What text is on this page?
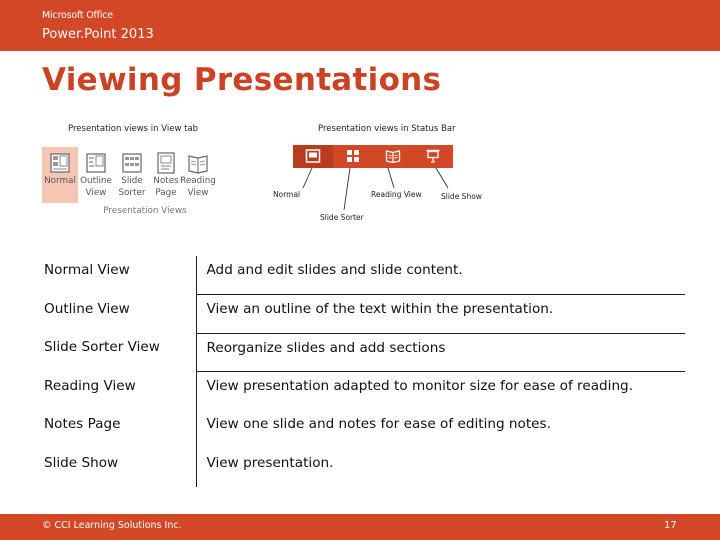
Microsoft Office
Power.Point 2013
Viewing Presentations
Presentation views in View tab	Presentation views in Status Bar
Normal Outline
View
Slide
Sorter
Notes
Page
Reading
View
Presentation Views
Normal
Slide Sorter
Reading View	Slide Show
Normal View	Add and edit slides and slide content.
Outline View	View an outline of the text within the presentation.
Slide Sorter View	Reorganize slides and add sections
Reading View	View presentation adapted to monitor size for ease of reading.
Notes Page	View one slide and notes for ease of editing notes.
Slide Show	View presentation.
© CCI Learning Solutions Inc.	17
